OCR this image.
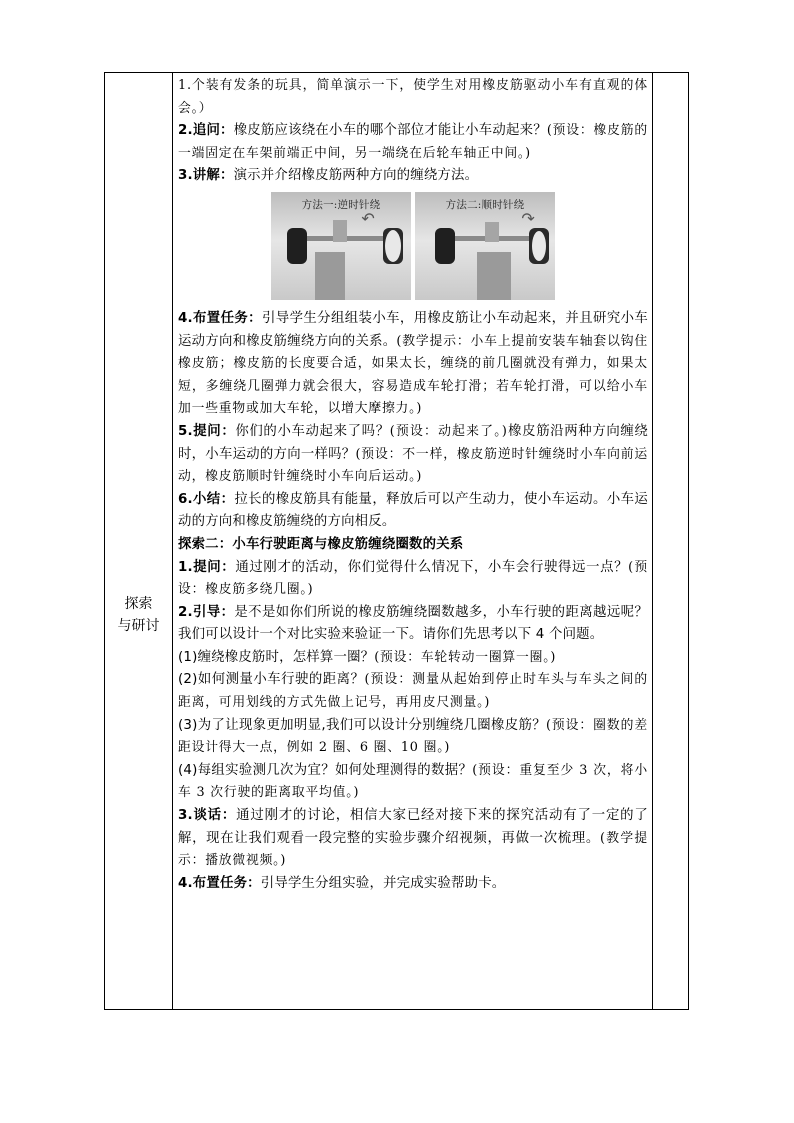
探索
与研讨

1.个装有发条的玩具，简单演示一下，使学生对用橡皮筋驱动小车有直观的体会。）

2.追问：橡皮筋应该绕在小车的哪个部位才能让小车动起来？(预设：橡皮筋的一端固定在车架前端正中间，另一端绕在后轮车轴正中间。)

3.讲解：演示并介绍橡皮筋两种方向的缠绕方法。

方法一:逆时针绕
↶
方法二:顺时针绕
↷

4.布置任务：引导学生分组组装小车，用橡皮筋让小车动起来，并且研究小车运动方向和橡皮筋缠绕方向的关系。(教学提示：小车上提前安装车轴套以钩住橡皮筋；橡皮筋的长度要合适，如果太长，缠绕的前几圈就没有弹力，如果太短，多缠绕几圈弹力就会很大，容易造成车轮打滑；若车轮打滑，可以给小车加一些重物或加大车轮，以增大摩擦力。)

5.提问：你们的小车动起来了吗？(预设：动起来了。)橡皮筋沿两种方向缠绕时，小车运动的方向一样吗？(预设：不一样，橡皮筋逆时针缠绕时小车向前运动，橡皮筋顺时针缠绕时小车向后运动。)

6.小结：拉长的橡皮筋具有能量，释放后可以产生动力，使小车运动。小车运动的方向和橡皮筋缠绕的方向相反。

探索二：小车行驶距离与橡皮筋缠绕圈数的关系

1.提问：通过刚才的活动，你们觉得什么情况下，小车会行驶得远一点？(预设：橡皮筋多绕几圈。)

2.引导：是不是如你们所说的橡皮筋缠绕圈数越多，小车行驶的距离越远呢？我们可以设计一个对比实验来验证一下。请你们先思考以下 4 个问题。

(1)缠绕橡皮筋时，怎样算一圈？(预设：车轮转动一圈算一圈。)

(2)如何测量小车行驶的距离？(预设：测量从起始到停止时车头与车头之间的距离，可用划线的方式先做上记号，再用皮尺测量。)

(3)为了让现象更加明显,我们可以设计分别缠绕几圈橡皮筋？(预设：圈数的差距设计得大一点，例如 2 圈、6 圈、10 圈。)

(4)每组实验测几次为宜？如何处理测得的数据？(预设：重复至少 3 次，将小车 3 次行驶的距离取平均值。)

3.谈话：通过刚才的讨论，相信大家已经对接下来的探究活动有了一定的了解，现在让我们观看一段完整的实验步骤介绍视频，再做一次梳理。(教学提示：播放微视频。)

4.布置任务：引导学生分组实验，并完成实验帮助卡。
